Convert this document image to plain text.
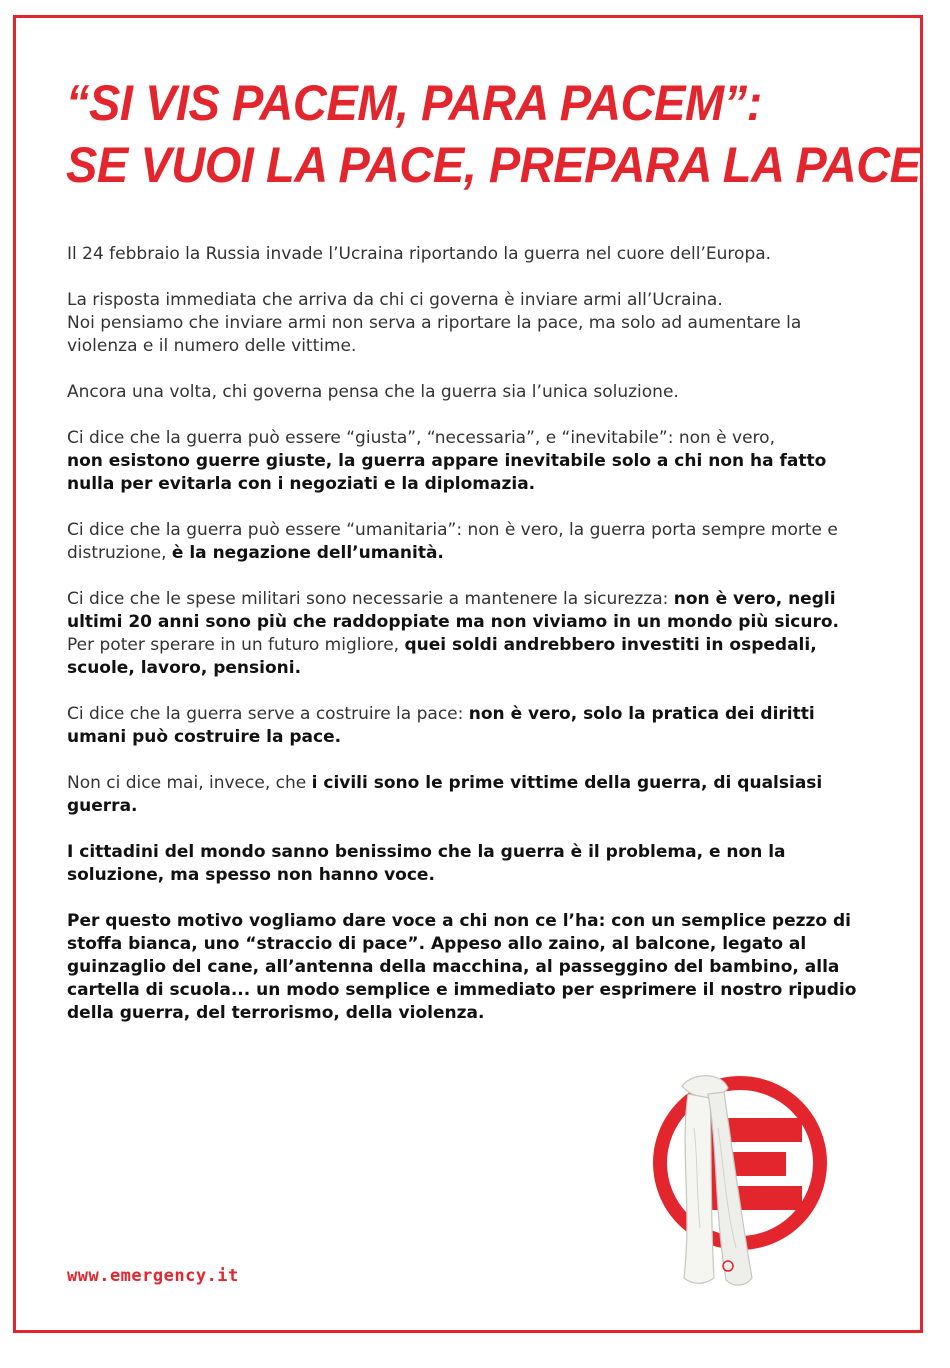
“SI VIS PACEM, PARA PACEM”:
SE VUOI LA PACE, PREPARA LA PACE

Il 24 febbraio la Russia invade l’Ucraina riportando la guerra nel cuore dell’Europa.

La risposta immediata che arriva da chi ci governa è inviare armi all’Ucraina.
Noi pensiamo che inviare armi non serva a riportare la pace, ma solo ad aumentare la violenza e il numero delle vittime.

Ancora una volta, chi governa pensa che la guerra sia l’unica soluzione.

Ci dice che la guerra può essere “giusta”, “necessaria”, e “inevitabile”: non è vero,
non esistono guerre giuste, la guerra appare inevitabile solo a chi non ha fatto nulla per evitarla con i negoziati e la diplomazia.

Ci dice che la guerra può essere “umanitaria”: non è vero, la guerra porta sempre morte e distruzione, è la negazione dell’umanità.

Ci dice che le spese militari sono necessarie a mantenere la sicurezza: non è vero, negli ultimi 20 anni sono più che raddoppiate ma non viviamo in un mondo più sicuro. Per poter sperare in un futuro migliore, quei soldi andrebbero investiti in ospedali, scuole, lavoro, pensioni.

Ci dice che la guerra serve a costruire la pace: non è vero, solo la pratica dei diritti umani può costruire la pace.

Non ci dice mai, invece, che i civili sono le prime vittime della guerra, di qualsiasi guerra.

I cittadini del mondo sanno benissimo che la guerra è il problema, e non la soluzione, ma spesso non hanno voce.

Per questo motivo vogliamo dare voce a chi non ce l’ha: con un semplice pezzo di stoffa bianca, uno “straccio di pace”. Appeso allo zaino, al balcone, legato al guinzaglio del cane, all’antenna della macchina, al passeggino del bambino, alla cartella di scuola... un modo semplice e immediato per esprimere il nostro ripudio della guerra, del terrorismo, della violenza.

www.emergency.it
